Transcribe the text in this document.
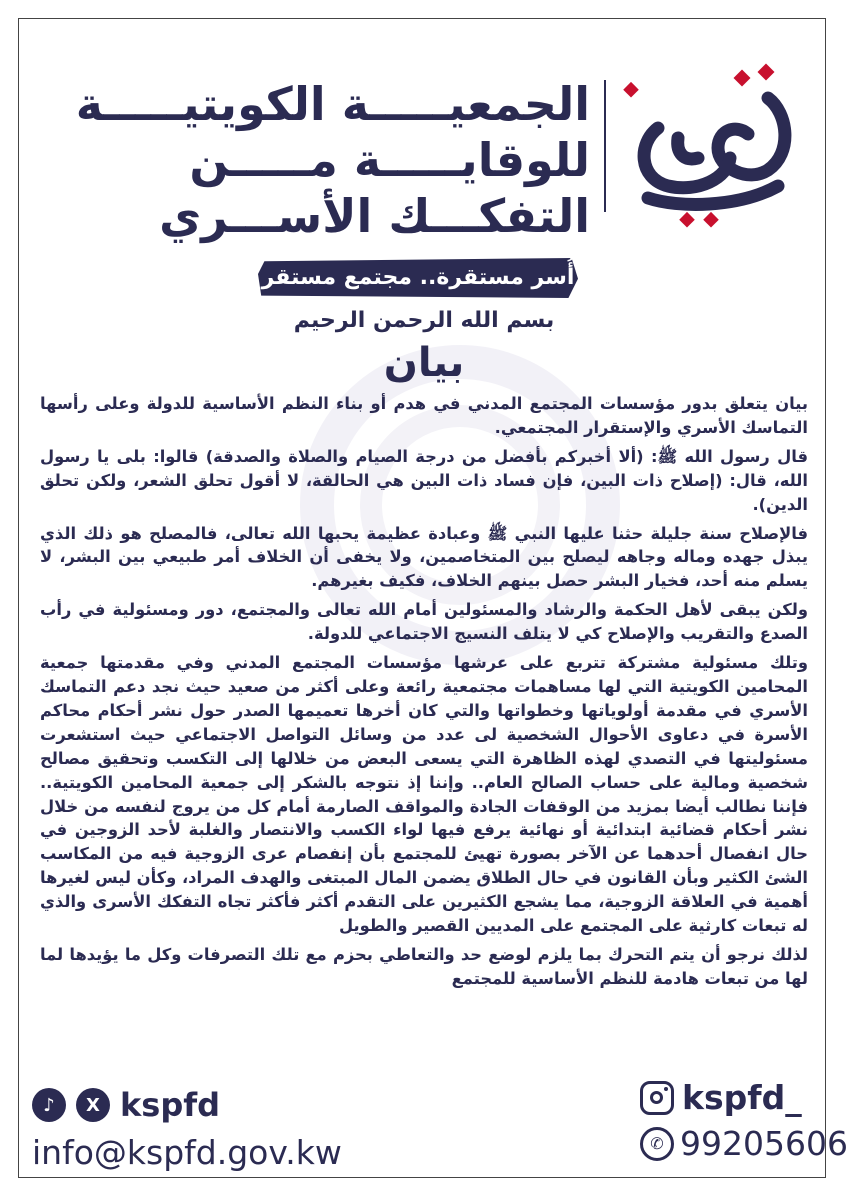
الجمعيـــــة الكويتيـــــة
للوقايـــــة مـــــن
التفكـــك الأســـري
أُسر مستقرة.. مجتمع مستقر
بسم الله الرحمن الرحيم
بيان

بيان يتعلق بدور مؤسسات المجتمع المدني في هدم أو بناء النظم الأساسية للدولة وعلى رأسها التماسك الأسري والإستقرار المجتمعي.

قال رسول الله ﷺ: (ألا أخبركم بأفضل من درجة الصيام والصلاة والصدقة) قالوا: بلى يا رسول الله، قال: (إصلاح ذات البين، فإن فساد ذات البين هي الحالقة، لا أقول تحلق الشعر، ولكن تحلق الدين).

فالإصلاح سنة جليلة حثنا عليها النبي ﷺ وعبادة عظيمة يحبها الله تعالى، فالمصلح هو ذلك الذي يبذل جهده وماله وجاهه ليصلح بين المتخاصمين، ولا يخفى أن الخلاف أمر طبيعي بين البشر، لا يسلم منه أحد، فخيار البشر حصل بينهم الخلاف، فكيف بغيرهم.

ولكن يبقى لأهل الحكمة والرشاد والمسئولين أمام الله تعالى والمجتمع، دور ومسئولية في رأب الصدع والتقريب والإصلاح كي لا يتلف النسيج الاجتماعي للدولة.

وتلك مسئولية مشتركة تتربع على عرشها مؤسسات المجتمع المدني وفي مقدمتها جمعية المحامين الكويتية التي لها مساهمات مجتمعية رائعة وعلى أكثر من صعيد حيث نجد دعم التماسك الأسري في مقدمة أولوياتها وخطواتها والتي كان أخرها تعميمها الصدر حول نشر أحكام محاكم الأسرة في دعاوى الأحوال الشخصية لى عدد من وسائل التواصل الاجتماعي حيث استشعرت مسئوليتها في التصدي لهذه الظاهرة التي يسعى البعض من خلالها إلى التكسب وتحقيق مصالح شخصية ومالية على حساب الصالح العام.. وإننا إذ نتوجه بالشكر إلى جمعية المحامين الكويتية.. فإننا نطالب أيضا بمزيد من الوقفات الجادة والمواقف الصارمة أمام كل من يروج لنفسه من خلال نشر أحكام قضائية ابتدائية أو نهائية يرفع فيها لواء الكسب والانتصار والغلبة لأحد الزوجين في حال انفصال أحدهما عن الآخر بصورة تهيئ للمجتمع بأن إنفصام عرى الزوجية فيه من المكاسب الشئ الكثير وبأن القانون في حال الطلاق يضمن المال المبتغى والهدف المراد، وكأن ليس لغيرها أهمية في العلاقة الزوجية، مما يشجع الكثيرين على التقدم أكثر فأكثر تجاه التفكك الأسرى والذي له تبعات كارثية على المجتمع على المديين القصير والطويل

لذلك نرجو أن يتم التحرك بما يلزم لوضع حد والتعاطي بحزم مع تلك التصرفات وكل ما يؤيدها لما لها من تبعات هادمة للنظم الأساسية للمجتمع

♪	X kspfd
info@kspfd.gov.kw
kspfd_
✆ 99205606
